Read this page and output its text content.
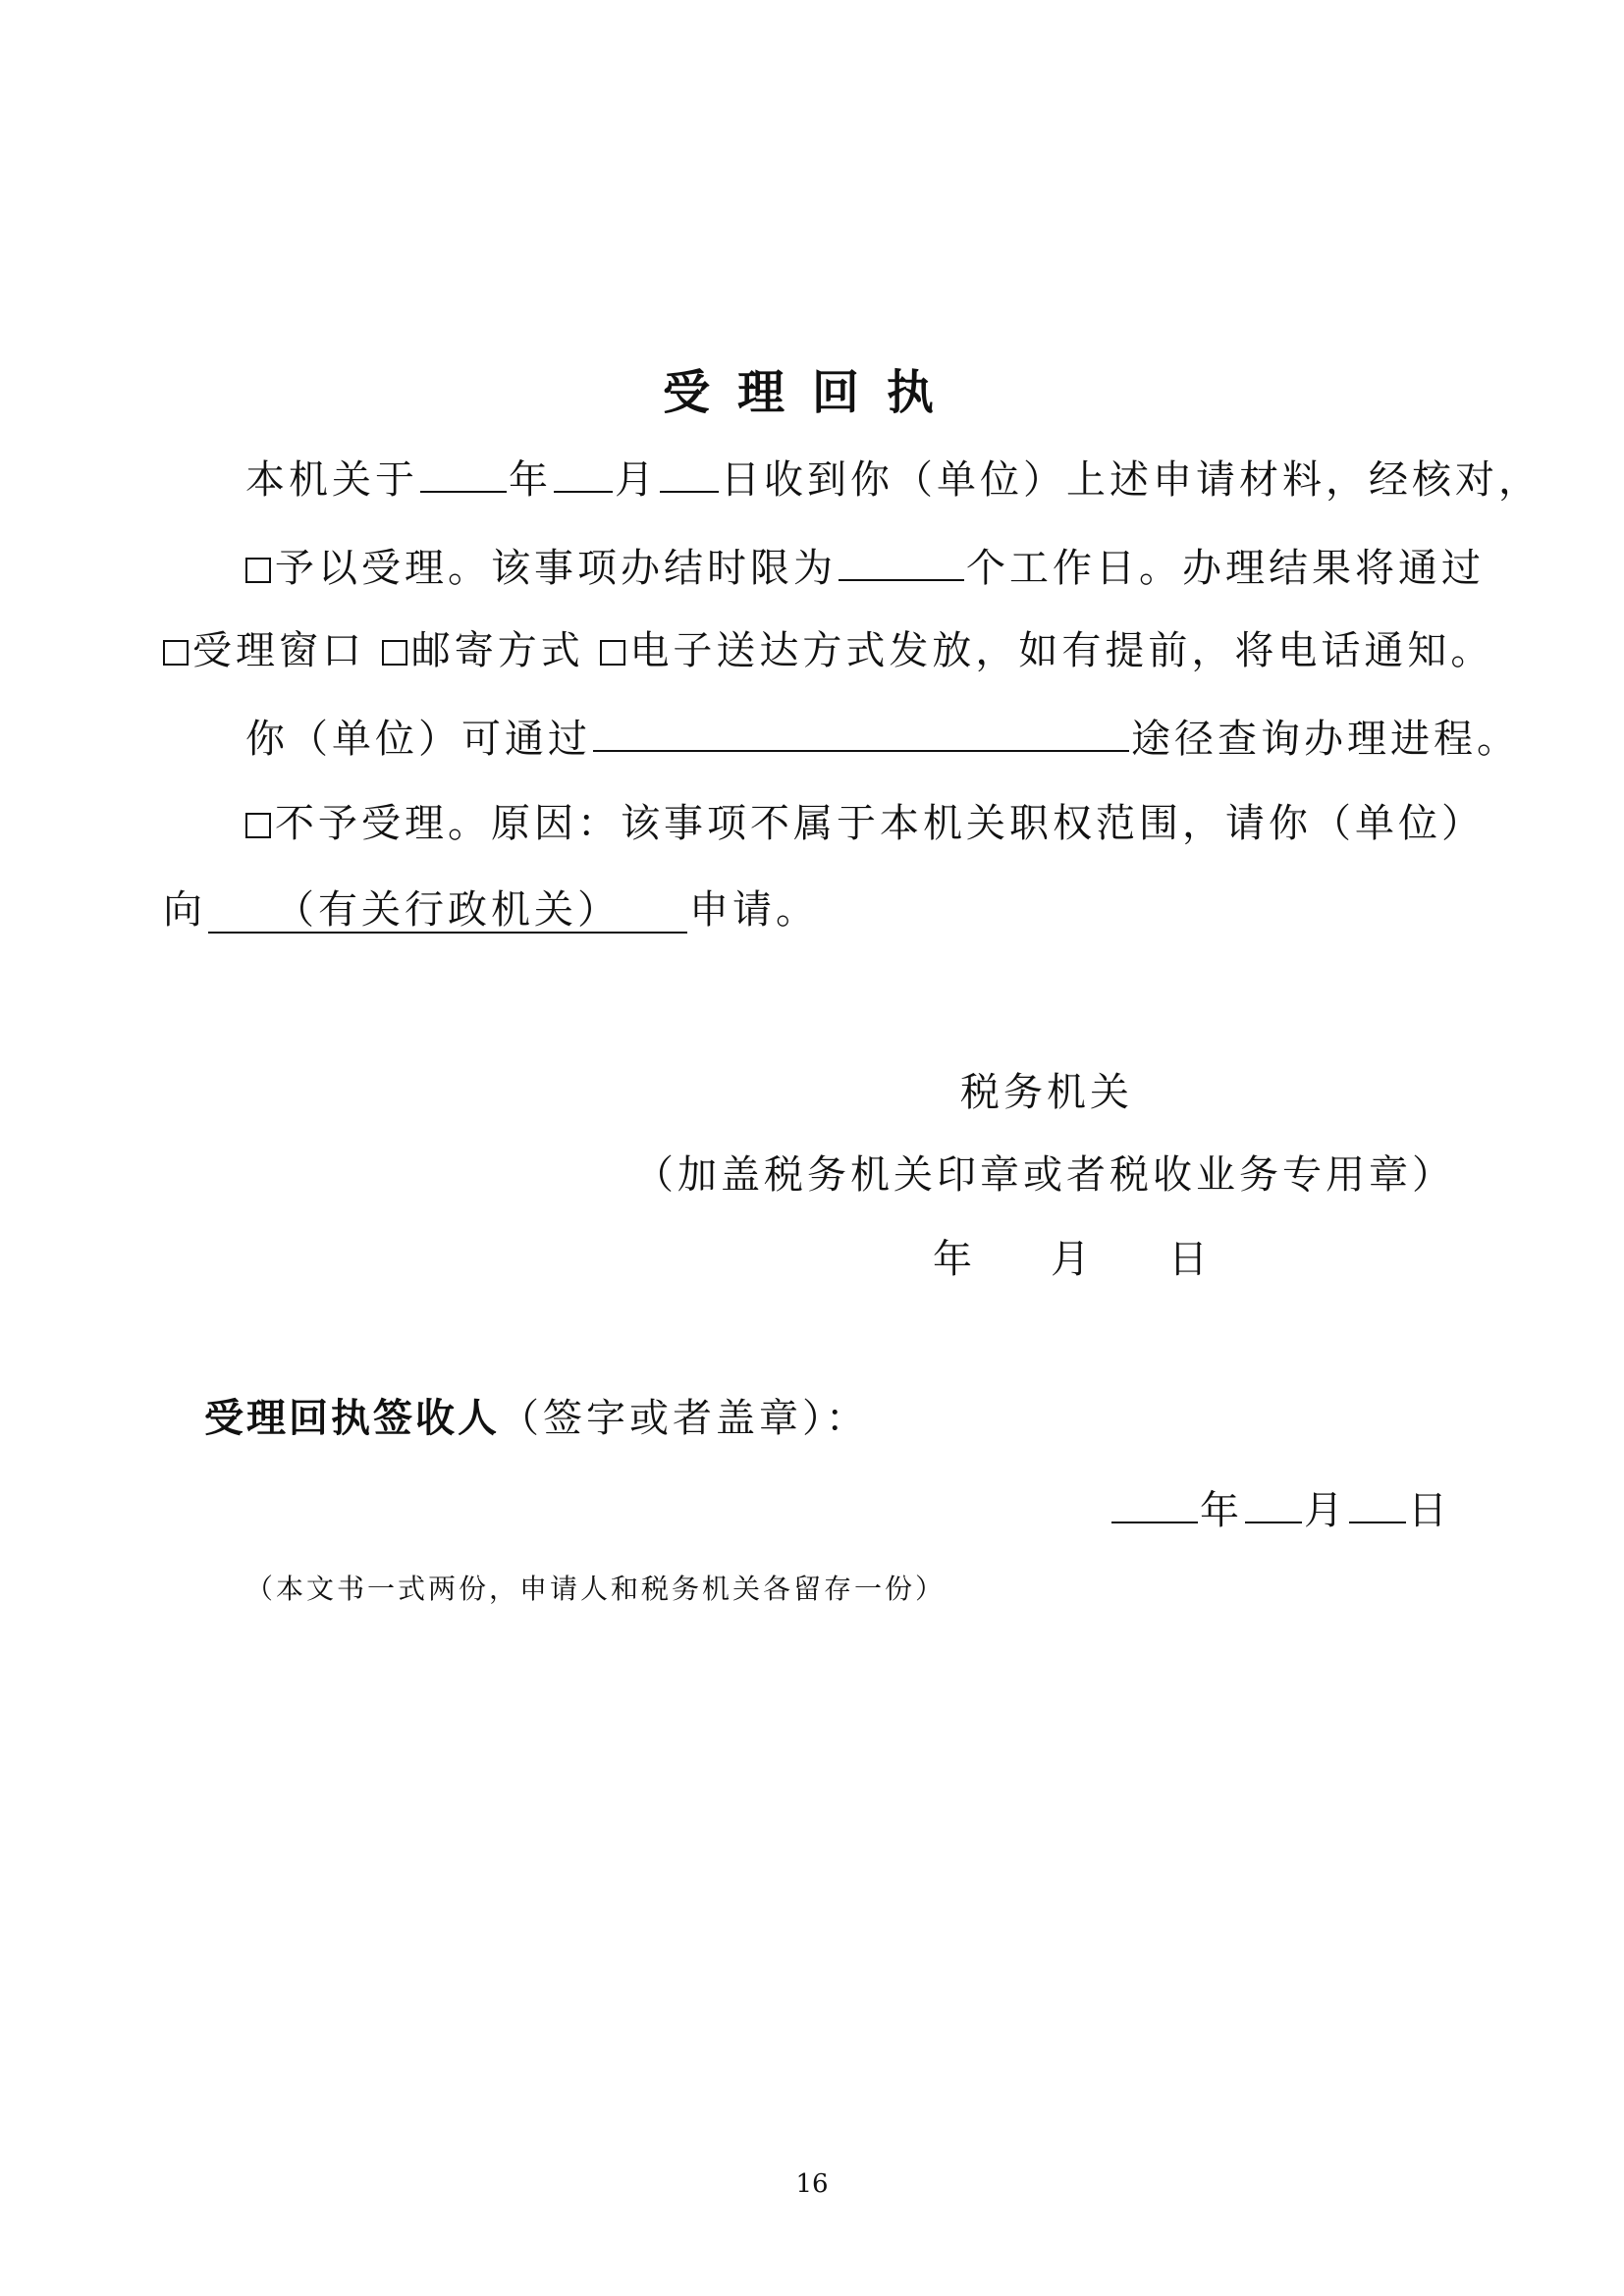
受理回执
本机关于 年 月 日收到你（单位）上述申请材料，经核对，
予以受理。该事项办结时限为	个工作日。办理结果将通过
受理窗口 邮寄方式 电子送达方式发放，如有提前，将电话通知。
你（单位）可通过	途径查询办理进程。
不予受理。原因：该事项不属于本机关职权范围，请你（单位）
向 （有关行政机关） 申请。
税务机关
（加盖税务机关印章或者税收业务专用章）
年　月　日
受理回执签收人（签字或者盖章）：
年 月 日
（本文书一式两份，申请人和税务机关各留存一份）
16
